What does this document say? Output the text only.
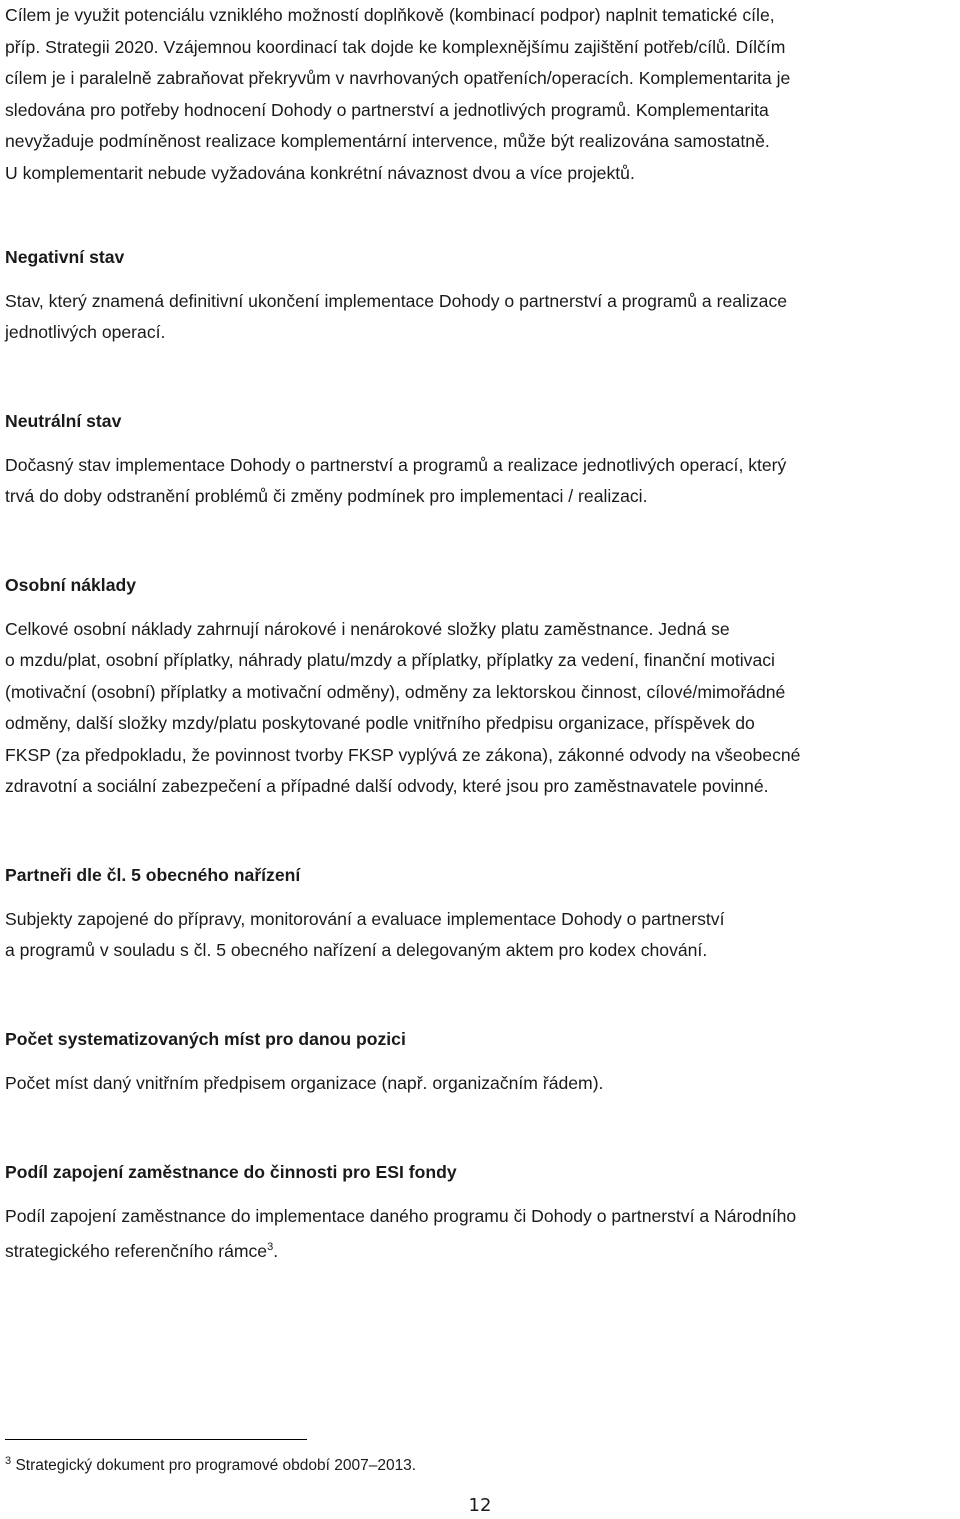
Cílem je využit potenciálu vzniklého možností doplňkově (kombinací podpor) naplnit tematické cíle,

příp. Strategii 2020. Vzájemnou koordinací tak dojde ke komplexnějšímu zajištění potřeb/cílů. Dílčím

cílem je i paralelně zabraňovat překryvům v navrhovaných opatřeních/operacích. Komplementarita je

sledována pro potřeby hodnocení Dohody o partnerství a jednotlivých programů. Komplementarita

nevyžaduje podmíněnost realizace komplementární intervence, může být realizována samostatně.

U komplementarit nebude vyžadována konkrétní návaznost dvou a více projektů.

Negativní stav

Stav, který znamená definitivní ukončení implementace Dohody o partnerství a programů a realizace

jednotlivých operací.

Neutrální stav

Dočasný stav implementace Dohody o partnerství a programů a realizace jednotlivých operací, který

trvá do doby odstranění problémů či změny podmínek pro implementaci / realizaci.

Osobní náklady

Celkové osobní náklady zahrnují nárokové i nenárokové složky platu zaměstnance. Jedná se

o mzdu/plat, osobní příplatky, náhrady platu/mzdy a příplatky, příplatky za vedení, finanční motivaci

(motivační (osobní) příplatky a motivační odměny), odměny za lektorskou činnost, cílové/mimořádné

odměny, další složky mzdy/platu poskytované podle vnitřního předpisu organizace, příspěvek do

FKSP (za předpokladu, že povinnost tvorby FKSP vyplývá ze zákona), zákonné odvody na všeobecné

zdravotní a sociální zabezpečení a případné další odvody, které jsou pro zaměstnavatele povinné.

Partneři dle čl. 5 obecného nařízení

Subjekty zapojené do přípravy, monitorování a evaluace implementace Dohody o partnerství

a programů v souladu s čl. 5 obecného nařízení a delegovaným aktem pro kodex chování.

Počet systematizovaných míst pro danou pozici

Počet míst daný vnitřním předpisem organizace (např. organizačním řádem).

Podíl zapojení zaměstnance do činnosti pro ESI fondy

Podíl zapojení zaměstnance do implementace daného programu či Dohody o partnerství a Národního

strategického referenčního rámce$^3$.

$^3$ Strategický dokument pro programové období 2007–2013.
12
